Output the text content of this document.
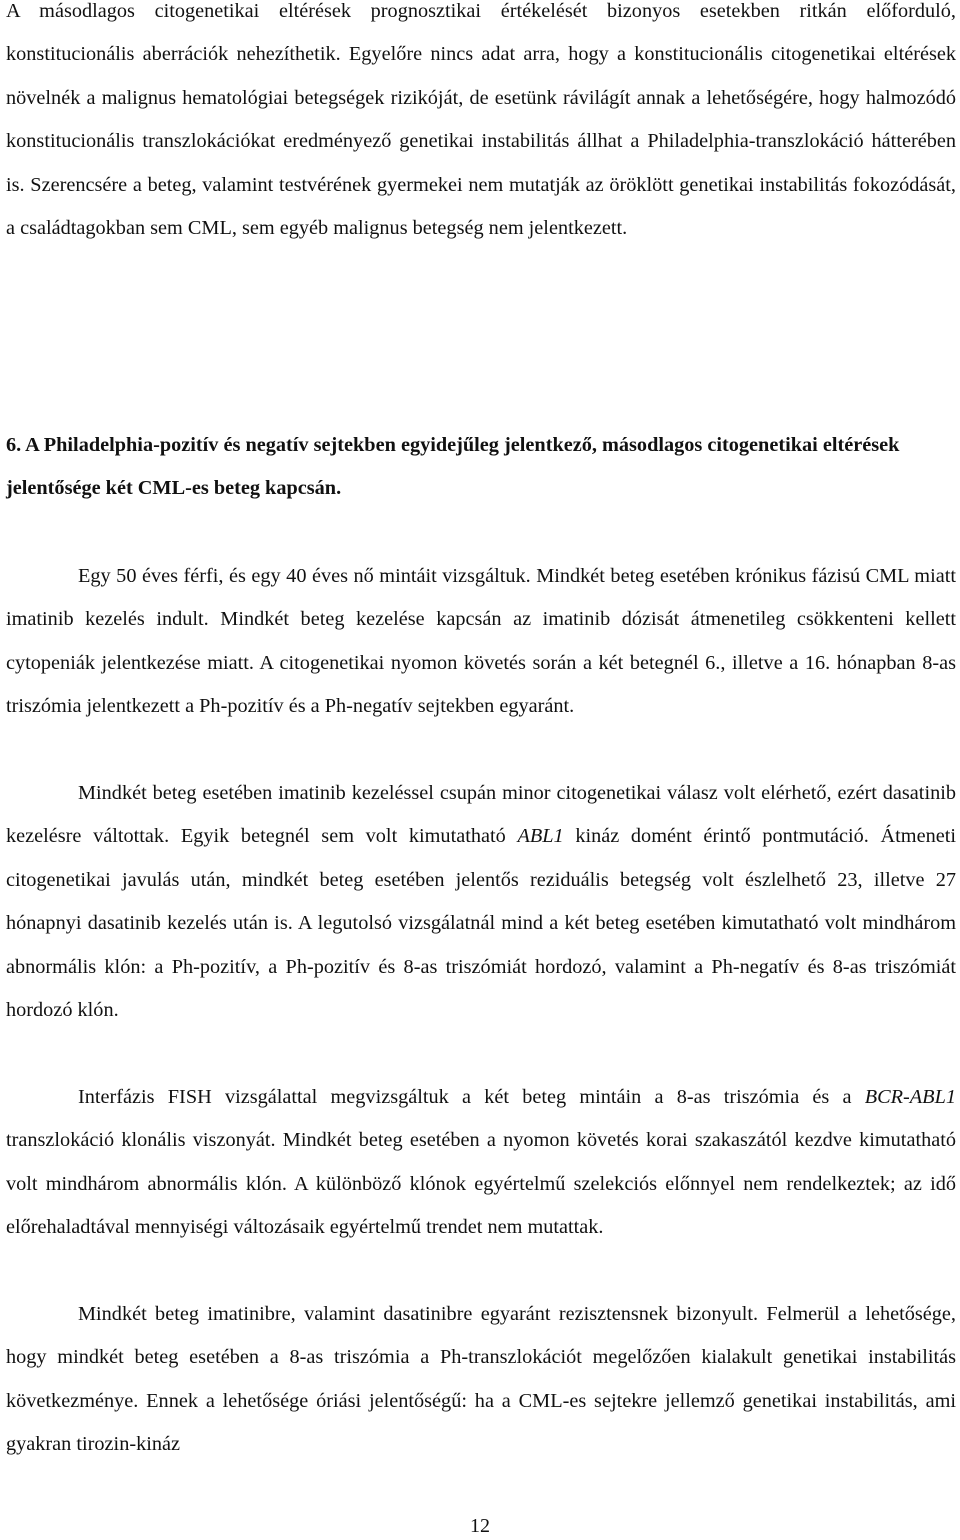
A másodlagos citogenetikai eltérések prognosztikai értékelését bizonyos esetekben ritkán előforduló, konstitucionális aberrációk nehezíthetik. Egyelőre nincs adat arra, hogy a konstitucionális citogenetikai eltérések növelnék a malignus hematológiai betegségek rizikóját, de esetünk rávilágít annak a lehetőségére, hogy halmozódó konstitucionális transzlokációkat eredményező genetikai instabilitás állhat a Philadelphia-transzlokáció hátterében is. Szerencsére a beteg, valamint testvérének gyermekei nem mutatják az öröklött genetikai instabilitás fokozódását, a családtagokban sem CML, sem egyéb malignus betegség nem jelentkezett.

6. A Philadelphia-pozitív és negatív sejtekben egyidejűleg jelentkező, másodlagos citogenetikai eltérések jelentősége két CML-es beteg kapcsán.

Egy 50 éves férfi, és egy 40 éves nő mintáit vizsgáltuk. Mindkét beteg esetében krónikus fázisú CML miatt imatinib kezelés indult. Mindkét beteg kezelése kapcsán az imatinib dózisát átmenetileg csökkenteni kellett cytopeniák jelentkezése miatt. A citogenetikai nyomon követés során a két betegnél 6., illetve a 16. hónapban 8-as triszómia jelentkezett a Ph-pozitív és a Ph-negatív sejtekben egyaránt.

Mindkét beteg esetében imatinib kezeléssel csupán minor citogenetikai válasz volt elérhető, ezért dasatinib kezelésre váltottak. Egyik betegnél sem volt kimutatható ABL1 kináz domént érintő pontmutáció. Átmeneti citogenetikai javulás után, mindkét beteg esetében jelentős reziduális betegség volt észlelhető 23, illetve 27 hónapnyi dasatinib kezelés után is. A legutolsó vizsgálatnál mind a két beteg esetében kimutatható volt mindhárom abnormális klón: a Ph-pozitív, a Ph-pozitív és 8-as triszómiát hordozó, valamint a Ph-negatív és 8-as triszómiát hordozó klón.

Interfázis FISH vizsgálattal megvizsgáltuk a két beteg mintáin a 8-as triszómia és a BCR-ABL1 transzlokáció klonális viszonyát. Mindkét beteg esetében a nyomon követés korai szakaszától kezdve kimutatható volt mindhárom abnormális klón. A különböző klónok egyértelmű szelekciós előnnyel nem rendelkeztek; az idő előrehaladtával mennyiségi változásaik egyértelmű trendet nem mutattak.

Mindkét beteg imatinibre, valamint dasatinibre egyaránt rezisztensnek bizonyult. Felmerül a lehetősége, hogy mindkét beteg esetében a 8-as triszómia a Ph-transzlokációt megelőzően kialakult genetikai instabilitás következménye. Ennek a lehetősége óriási jelentőségű: ha a CML-es sejtekre jellemző genetikai instabilitás, ami gyakran tirozin-kináz

12
